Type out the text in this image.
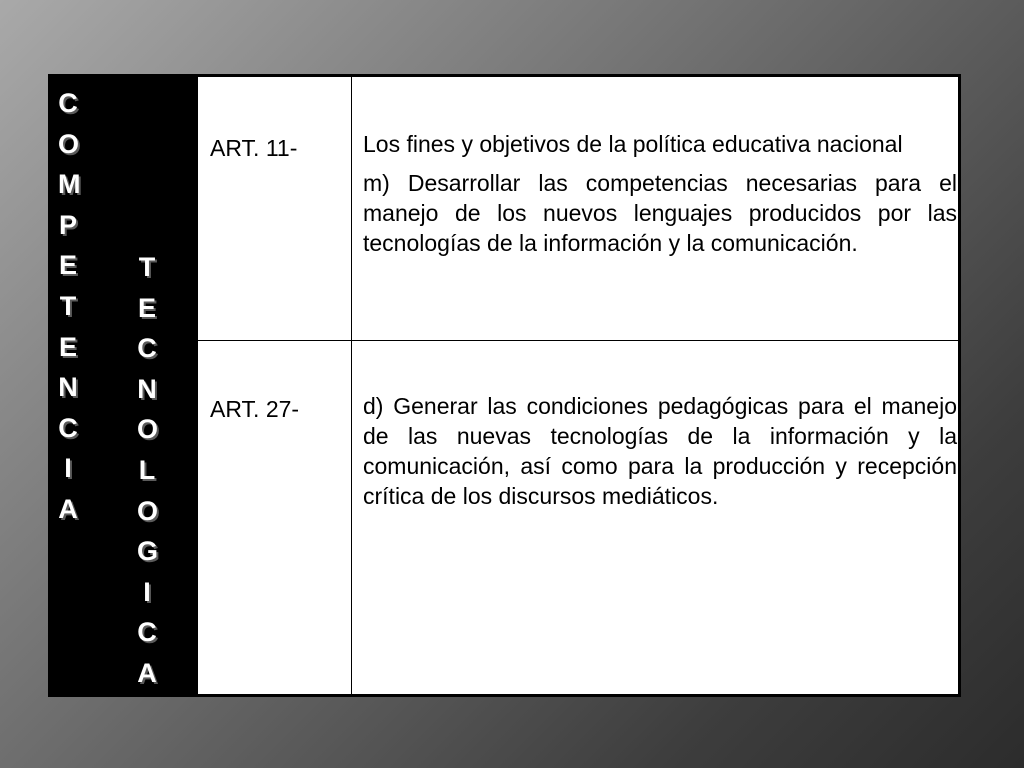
C
O
M
P
E
T
E
N
C
I
A
T
E
C
N
O
L
O
G
I
C
A
ART. 11-	Los fines y objetivos de la política educativa nacional

m) Desarrollar las competencias necesarias para el manejo de los nuevos lenguajes producidos por las tecnologías de la información y la comunicación.

ART. 27-	d) Generar las condiciones pedagógicas para el manejo de las nuevas tecnologías de la información y la comunicación, así como para la producción y recepción crítica de los discursos mediáticos.
